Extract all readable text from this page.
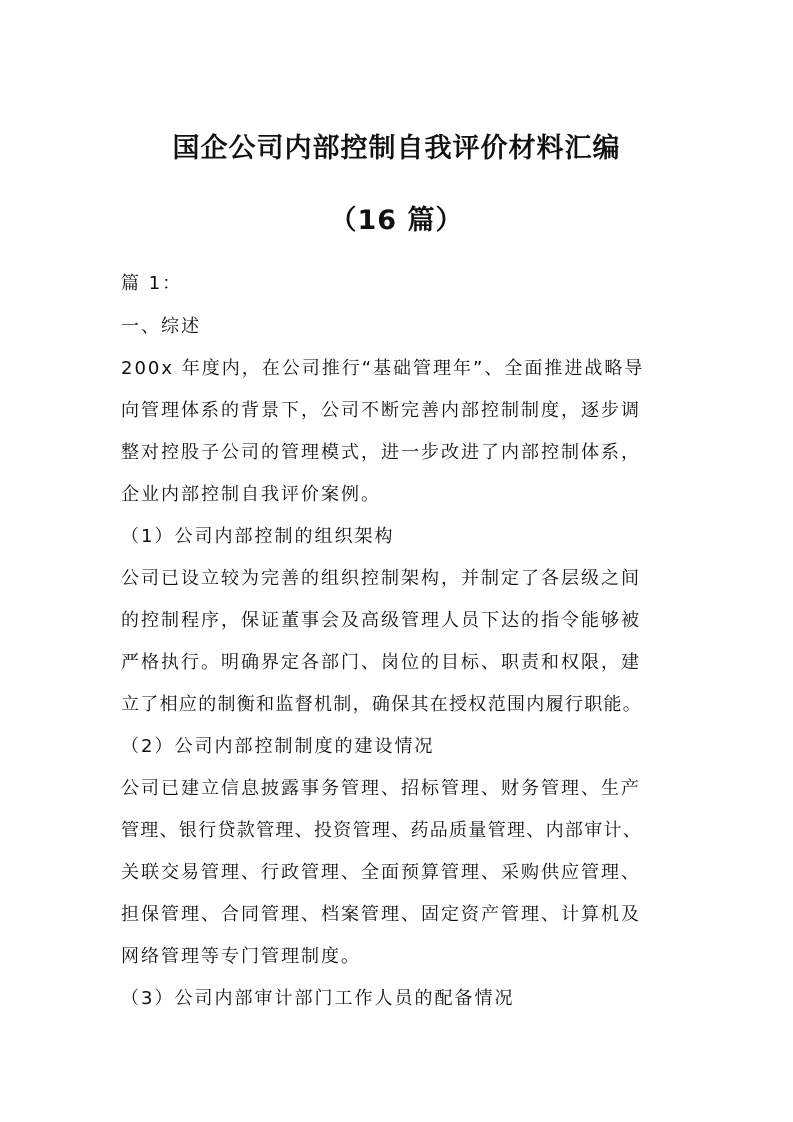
国企公司内部控制自我评价材料汇编
（16 篇）
篇 1：
一、综述
200x 年度内，在公司推行“基础管理年”、全面推进战略导
向管理体系的背景下，公司不断完善内部控制制度，逐步调
整对控股子公司的管理模式，进一步改进了内部控制体系，
企业内部控制自我评价案例。
（1）公司内部控制的组织架构
公司已设立较为完善的组织控制架构，并制定了各层级之间
的控制程序，保证董事会及高级管理人员下达的指令能够被
严格执行。明确界定各部门、岗位的目标、职责和权限，建
立了相应的制衡和监督机制，确保其在授权范围内履行职能。
（2）公司内部控制制度的建设情况
公司已建立信息披露事务管理、招标管理、财务管理、生产
管理、银行贷款管理、投资管理、药品质量管理、内部审计、
关联交易管理、行政管理、全面预算管理、采购供应管理、
担保管理、合同管理、档案管理、固定资产管理、计算机及
网络管理等专门管理制度。
（3）公司内部审计部门工作人员的配备情况
